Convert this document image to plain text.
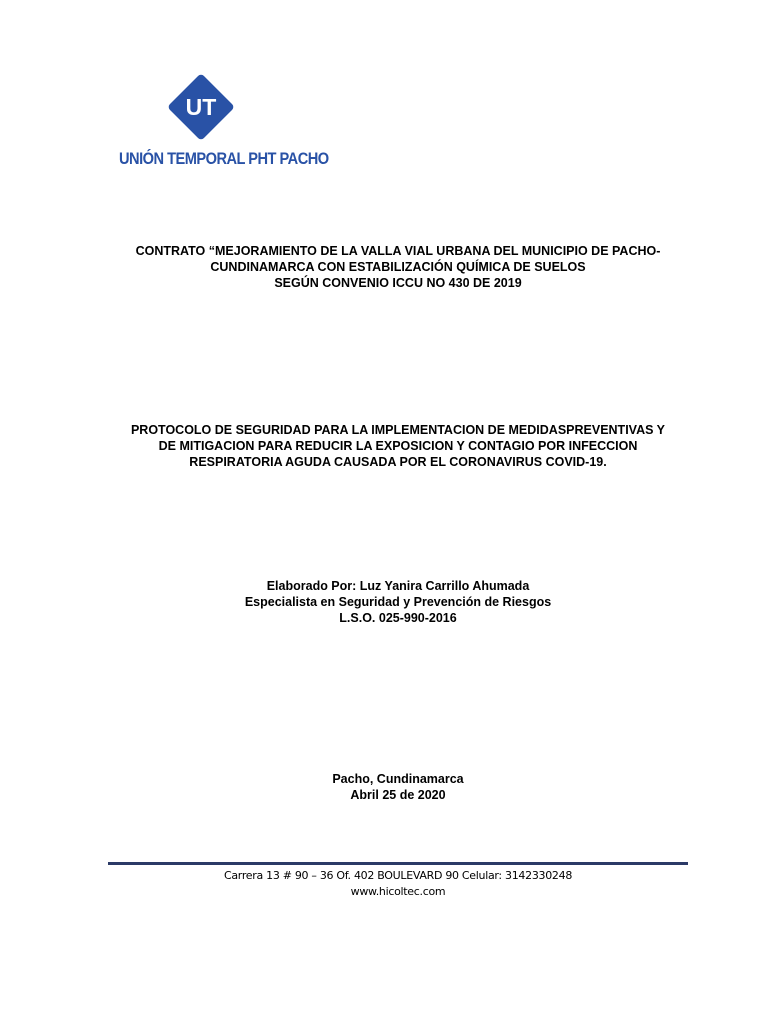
UT
UNIÓN TEMPORAL PHT PACHO
CONTRATO “MEJORAMIENTO DE LA VALLA VIAL URBANA DEL MUNICIPIO DE PACHO-
CUNDINAMARCA CON ESTABILIZACIÓN QUÍMICA DE SUELOS
SEGÚN CONVENIO ICCU NO 430 DE 2019
PROTOCOLO DE SEGURIDAD PARA LA IMPLEMENTACION DE MEDIDASPREVENTIVAS Y
DE MITIGACION PARA REDUCIR LA EXPOSICION Y CONTAGIO POR INFECCION
RESPIRATORIA AGUDA CAUSADA POR EL CORONAVIRUS COVID-19.
Elaborado Por: Luz Yanira Carrillo Ahumada
Especialista en Seguridad y Prevención de Riesgos
L.S.O. 025-990-2016
Pacho, Cundinamarca
Abril 25 de 2020
Carrera 13 # 90 – 36 Of. 402 BOULEVARD 90 Celular: 3142330248
www.hicoltec.com
